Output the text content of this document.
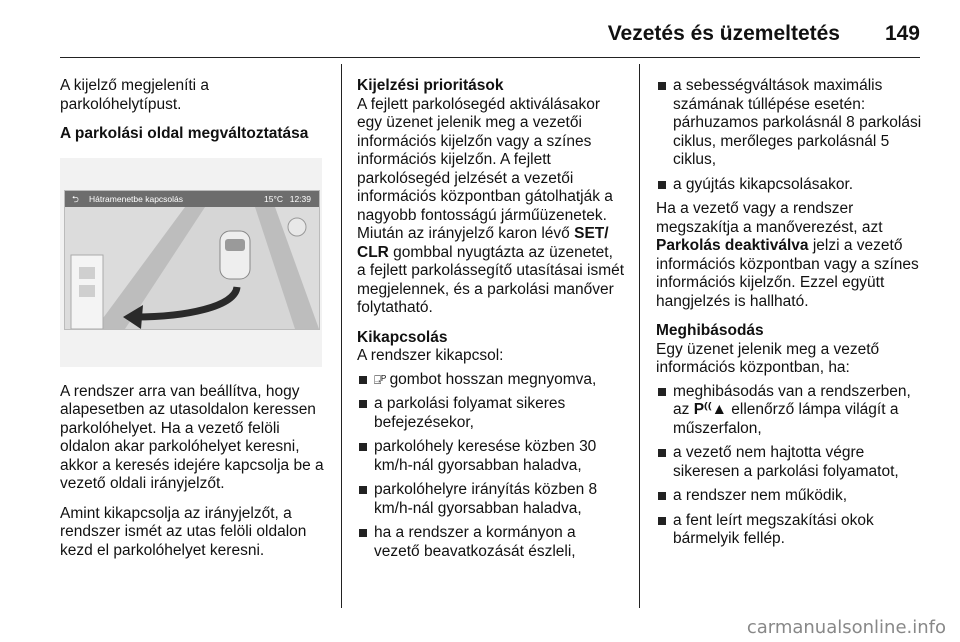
Vezetés és üzemeltetés 149

A kijelző megjeleníti a parkolóhelytípust.

A parkolási oldal megváltoztatása

⮌ Hátramenetbe kapcsolás	15°C 12:39

A rendszer arra van beállítva, hogy alapesetben az utasoldalon keressen parkolóhelyet. Ha a vezető felöli oldalon akar parkolóhelyet keresni, akkor a keresés idejére kapcsolja be a vezető oldali irányjelzőt.

Amint kikapcsolja az irányjelzőt, a rendszer ismét az utas felöli oldalon kezd el parkolóhelyet keresni.

Kijelzési prioritások

A fejlett parkolósegéd aktiválásakor egy üzenet jelenik meg a vezetői információs kijelzőn vagy a színes információs kijelzőn. A fejlett parkolósegéd jelzését a vezetői információs központban gátolhatják a nagyobb fontosságú járműüzenetek. Miután az irányjelző karon lévő SET/​CLR gombbal nyugtázta az üzenetet, a fejlett parkolássegítő utasításai ismét megjelennek, és a parkolási manőver folytatható.

Kikapcsolás

A rendszer kikapcsol:

⍈ᴾ gombot hosszan megnyomva,
a parkolási folyamat sikeres befejezésekor,
parkolóhely keresése közben 30 km/h-nál gyorsabban haladva,
parkolóhelyre irányítás közben 8 km/h-nál gyorsabban haladva,
ha a rendszer a kormányon a vezető beavatkozását észleli,
a sebességváltások maximális számának túllépése esetén: párhuzamos parkolásnál 8 parkolási ciklus, merőleges parkolásnál 5 ciklus,
a gyújtás kikapcsolásakor.

Ha a vezető vagy a rendszer megszakítja a manőverezést, azt Parkolás deaktiválva jelzi a vezető információs központban vagy a színes információs kijelzőn. Ezzel együtt hangjelzés is hallható.

Meghibásodás

Egy üzenet jelenik meg a vezető információs központban, ha:

meghibásodás van a rendszerben, az P⁽⁽▲ ellenőrző lámpa világít a műszerfalon,
a vezető nem hajtotta végre sikeresen a parkolási folyamatot,
a rendszer nem működik,
a fent leírt megszakítási okok bármelyik fellép.
carmanualsonline.info
